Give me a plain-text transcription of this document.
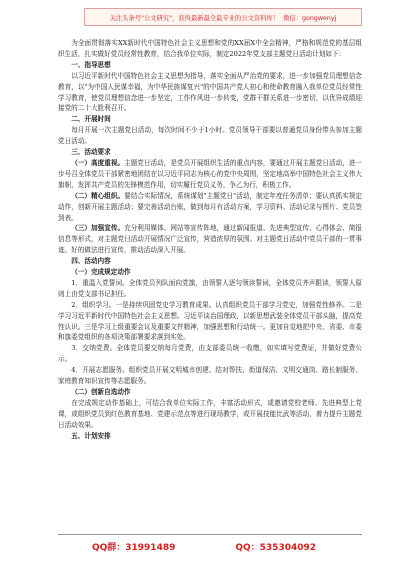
关注头条号"公文研究"，获得最新最全最专业的公文资料库！ 微信：gongwenyj

为全面贯彻落实XX新时代中国特色社会主义思想和党的XX届X中全会精神，严格和规范党的基层组织生活，扎实做好党员经常性教育，结合我单位实际，制定2022年党支部主题党日活动计划如下：

一、指导思想

以习近平新时代中国特色社会主义思想为指导，落实全面从严治党的要求，进一步加强党员理想信念教育，以"为中国人民谋幸福，为中华民族谋复兴"的中国共产党人初心和使命教育融入我单位党员经常性学习教育，使党员理想信念进一步坚定，工作作风进一步转变，党群干群关系进一步密切，以优异成绩迎接党的二十大胜利召开。

二、开展时间

每月开展一次主题党日活动，每次时间不少于1小时。党员领导干部要以普通党员身份带头参加主题党日活动。

三、活动要求

（一）高度重视。主题党日活动，是党员开展组织生活的重点内容，要通过开展主题党日活动，进一步号召全体党员干部紧密地团结在以习近平同志为核心的党中央周围，坚定地高举中国特色社会主义伟大旗帜，发挥共产党员的先锋模范作用，切实履行党员义务，争乙为行，积极工作。

（二）精心组织。要结合实际情况，系统谋划"主题党日"活动，制定年度任务清单；要认真抓实规定动作，创新开展主题活动；要完善活动台账，做到每月有活动方案，学习资料、活动记录与图片、党员签到表。

（三）加强宣传。充分利用媒体、网站等宣传阵地，通过新闻报道、先进典型宣传、心得体会、简报信息等形式，对主题党日活动开展情况广泛宣传，营造浓厚的氛围。对主题党日活动中党员干部的一贯事迹、好的做法进行宣传，推动活动深入开展。

四、活动内容
（一）完成规定动作

1．重温入党誓词。全体党员列队面向党旗，由领誓人逐句领读誓词，全体党员齐声跟读，领誓人原则上由党支部书记担任。

2．组织学习。一是持续巩固党史学习教育成果。认真组织党员干部学习党史，加强党性修养。二是学习习近平新时代中国特色社会主义思想。习近平谈治国理政，以新思想武装全体党员干部头脑，提高党性认识。三是学习上级重要会议及重要文件精神，加强思想和行动统一。更加自觉地把中央、省委、市委和旗委党组织的各项决策部署要求落到实处。

3．交纳党费。全体党员要交纳每月党费，由支部委员统一收缴，如实填写党费证，并做好党费公示。

4．开展志愿服务。组织党员开展文明城市创建、结对帮扶、街道保洁、文明交通岗、路长制服务、家庭教育知识宣传等志愿服务。

（二）创新自选动作

在完成规定动作基础上，可结合我单位实际工作，丰富活动形式，或邀请党校老师、先进典型上党课，或组织党员到红色教育基地、党建示范点等进行现场教学，或开展技能比武等活动，着力提升主题党日活动效果。

五、计划安排
QQ群：31991489	QQ：535304092
